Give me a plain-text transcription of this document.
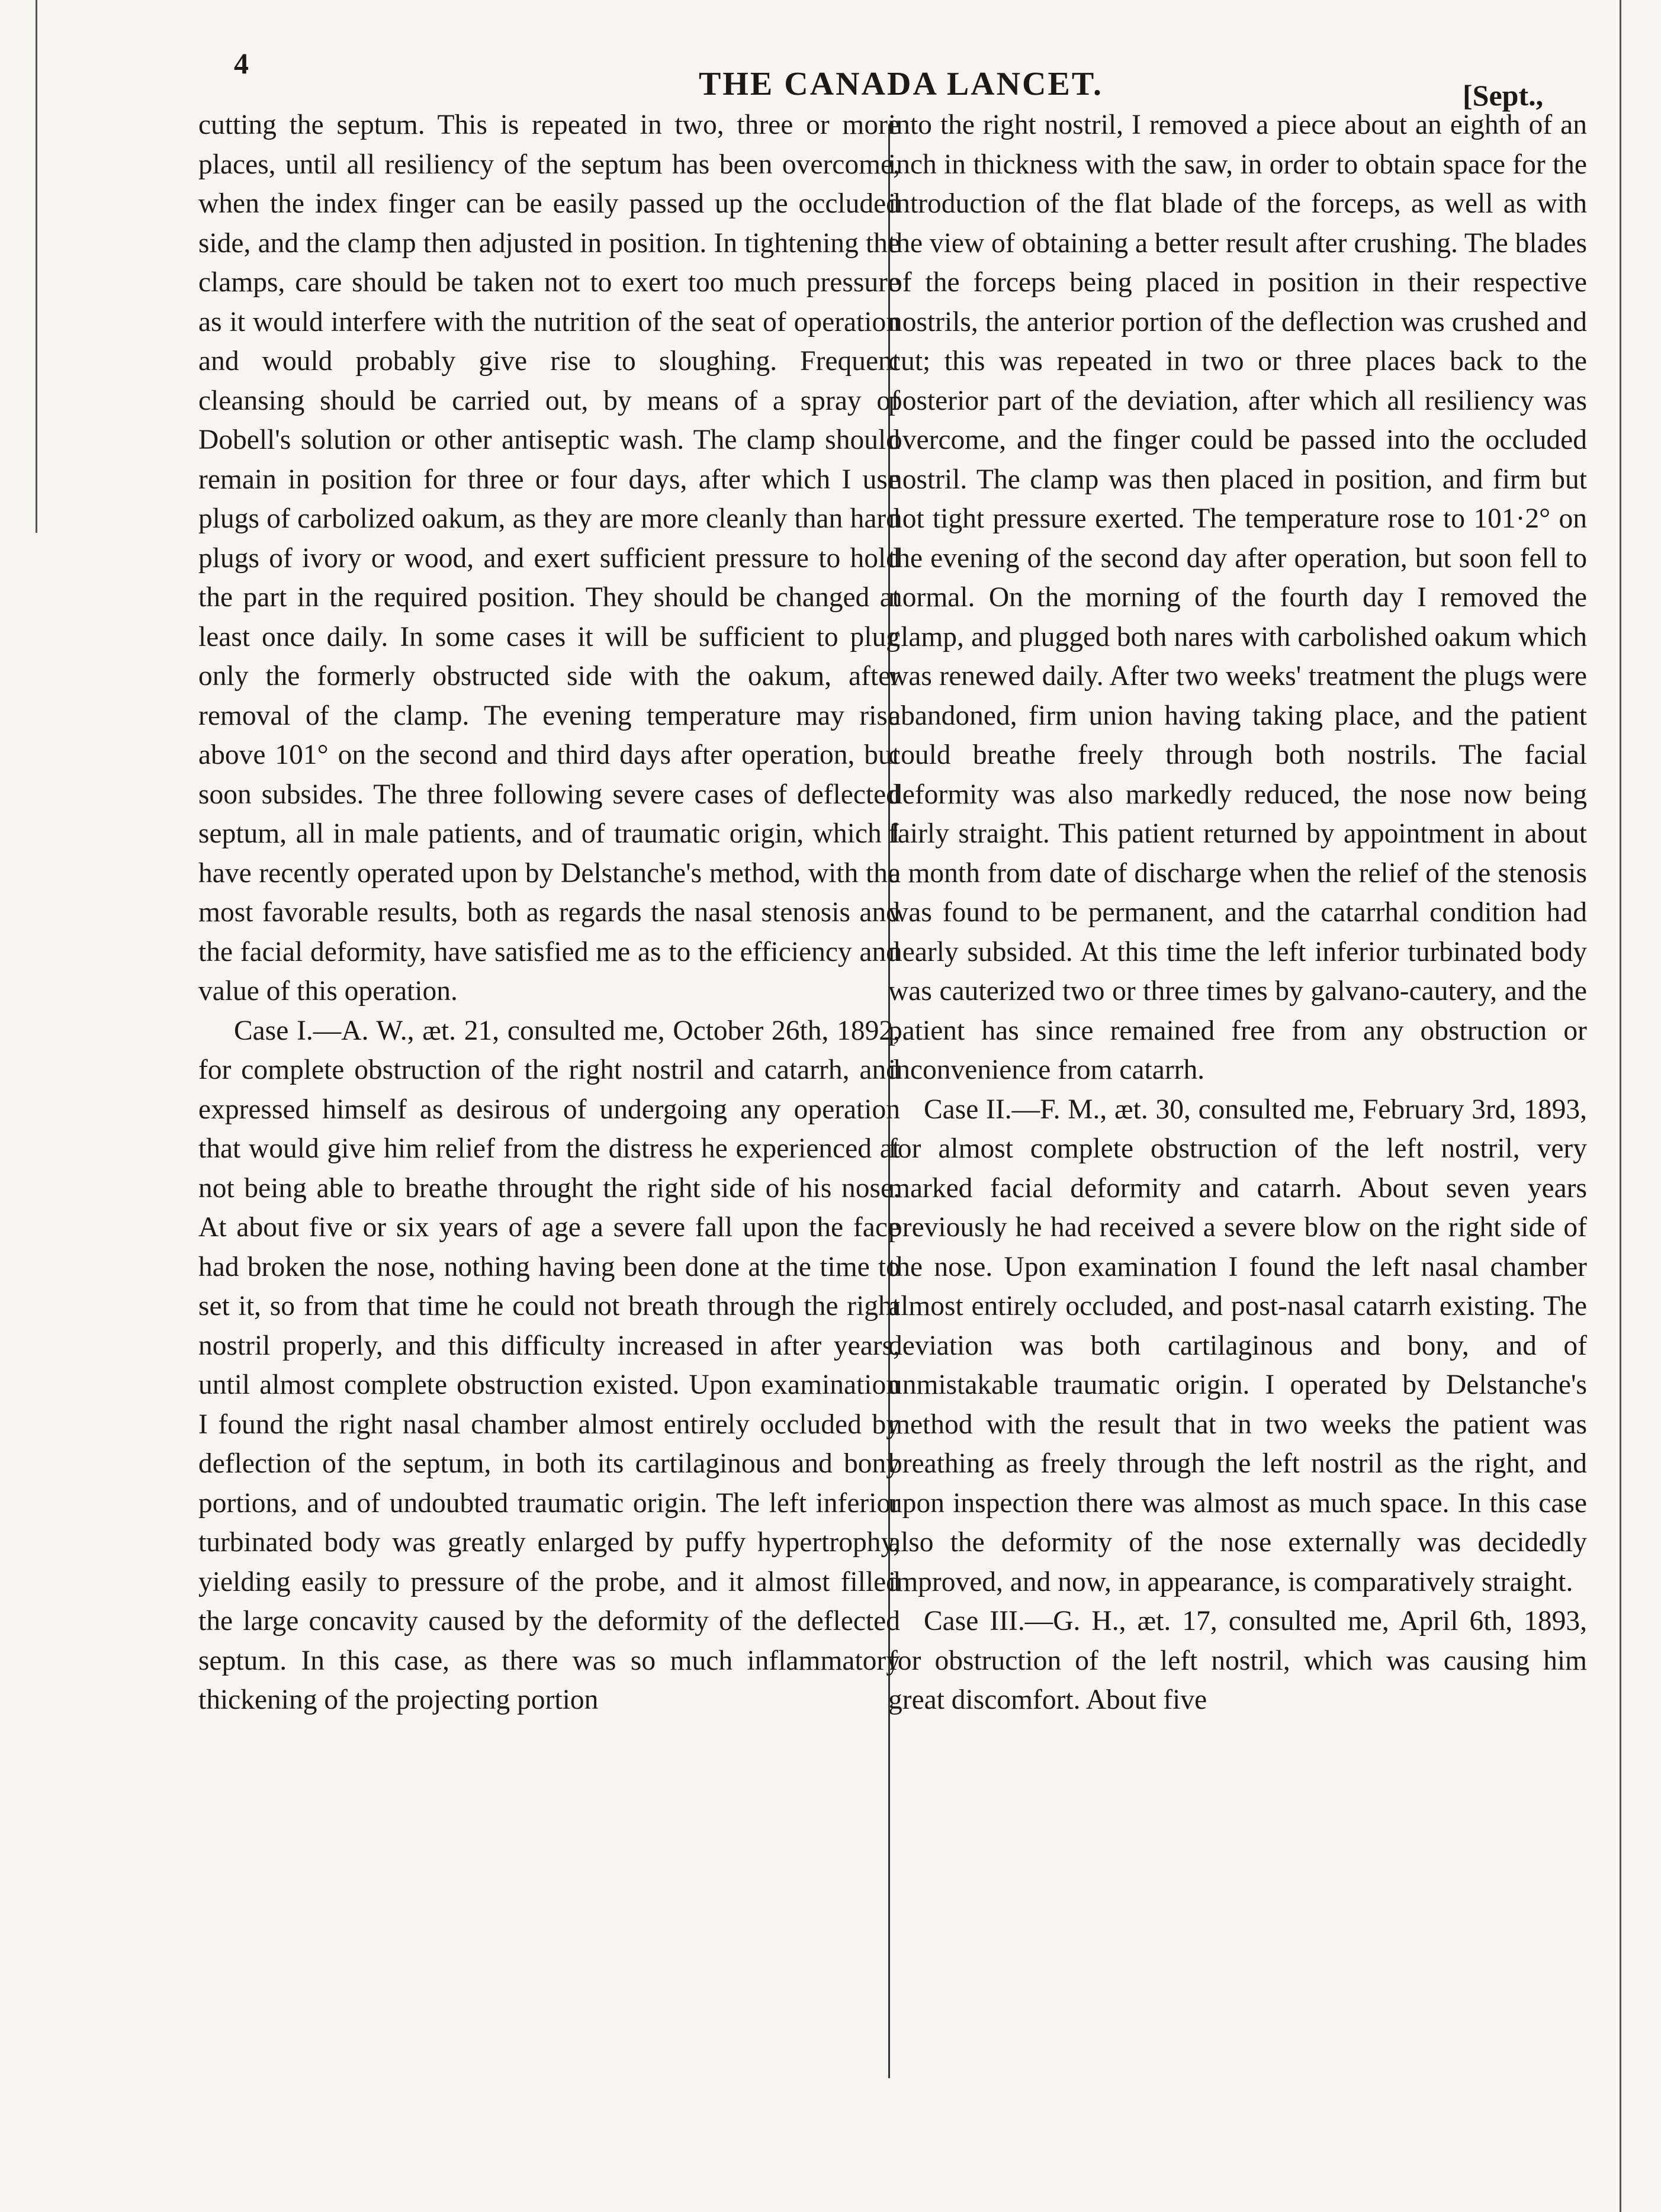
4
THE CANADA LANCET.	[Sept.,

cutting the septum. This is repeated in two, three or more places, until all resiliency of the septum has been overcome, when the index finger can be easily passed up the occluded side, and the clamp then adjusted in position. In tightening the clamps, care should be taken not to exert too much pressure as it would interfere with the nutrition of the seat of operation and would probably give rise to sloughing. Frequent cleansing should be carried out, by means of a spray of Dobell's solution or other antiseptic wash. The clamp should remain in position for three or four days, after which I use plugs of carbolized oakum, as they are more cleanly than hard plugs of ivory or wood, and exert sufficient pressure to hold the part in the required position. They should be changed at least once daily. In some cases it will be sufficient to plug only the formerly obstructed side with the oakum, after removal of the clamp. The evening temperature may rise above 101° on the second and third days after operation, but soon subsides. The three following severe cases of deflected septum, all in male patients, and of traumatic origin, which I have recently operated upon by Delstanche's method, with the most favorable results, both as regards the nasal stenosis and the facial deformity, have satisfied me as to the efficiency and value of this operation.

Case I.—A. W., æt. 21, consulted me, October 26th, 1892, for complete obstruction of the right nostril and catarrh, and expressed himself as desirous of undergoing any operation that would give him relief from the distress he experienced at not being able to breathe throught the right side of his nose. At about five or six years of age a severe fall upon the face had broken the nose, nothing having been done at the time to set it, so from that time he could not breath through the right nostril properly, and this difficulty increased in after years, until almost complete obstruction existed. Upon examination I found the right nasal chamber almost entirely occluded by deflection of the septum, in both its cartilaginous and bony portions, and of undoubted traumatic origin. The left inferior turbinated body was greatly enlarged by puffy hypertrophy, yielding easily to pressure of the probe, and it almost filled the large concavity caused by the deformity of the deflected septum. In this case, as there was so much inflammatory thickening of the projecting portion

into the right nostril, I removed a piece about an eighth of an inch in thickness with the saw, in order to obtain space for the introduction of the flat blade of the forceps, as well as with the view of obtaining a better result after crushing. The blades of the forceps being placed in position in their respective nostrils, the anterior portion of the deflection was crushed and cut; this was repeated in two or three places back to the posterior part of the deviation, after which all resiliency was overcome, and the finger could be passed into the occluded nostril. The clamp was then placed in position, and firm but not tight pressure exerted. The temperature rose to 101·2° on the evening of the second day after operation, but soon fell to normal. On the morning of the fourth day I removed the clamp, and plugged both nares with carbolished oakum which was renewed daily. After two weeks' treatment the plugs were abandoned, firm union having taking place, and the patient could breathe freely through both nostrils. The facial deformity was also markedly reduced, the nose now being fairly straight. This patient returned by appointment in about a month from date of discharge when the relief of the stenosis was found to be permanent, and the catarrhal condition had nearly subsided. At this time the left inferior turbinated body was cauterized two or three times by galvano-cautery, and the patient has since remained free from any obstruction or inconvenience from catarrh.

Case II.—F. M., æt. 30, consulted me, February 3rd, 1893, for almost complete obstruction of the left nostril, very marked facial deformity and catarrh. About seven years previously he had received a severe blow on the right side of the nose. Upon examination I found the left nasal chamber almost entirely occluded, and post-nasal catarrh existing. The deviation was both cartilaginous and bony, and of unmistakable traumatic origin. I operated by Delstanche's method with the result that in two weeks the patient was breathing as freely through the left nostril as the right, and upon inspection there was almost as much space. In this case also the deformity of the nose externally was decidedly improved, and now, in appearance, is comparatively straight.

Case III.—G. H., æt. 17, consulted me, April 6th, 1893, for obstruction of the left nostril, which was causing him great discomfort. About five
